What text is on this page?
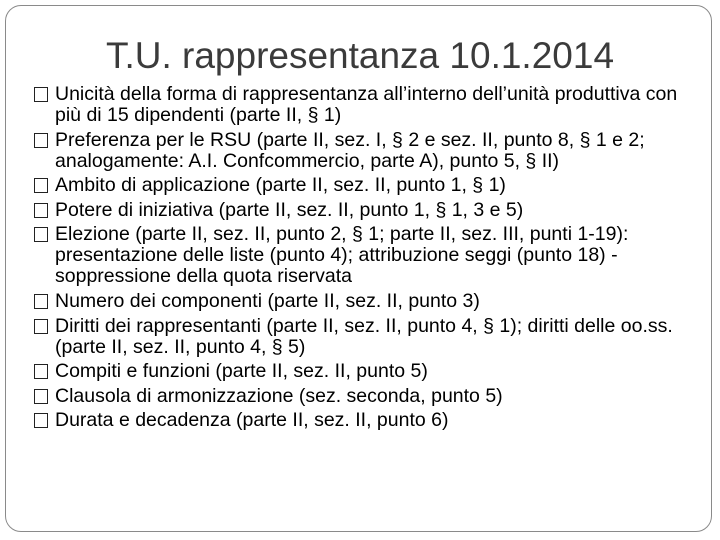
T.U. rappresentanza 10.1.2014
Unicità della forma di rappresentanza all’interno dell’unità produttiva con più di 15 dipendenti (parte II, § 1)
Preferenza per le RSU (parte II, sez. I, § 2 e sez. II, punto 8, § 1 e 2; analogamente: A.I. Confcommercio, parte A), punto 5, § II)
Ambito di applicazione (parte II, sez. II, punto 1, § 1)
Potere di iniziativa (parte II, sez. II, punto 1, § 1, 3 e 5)
Elezione (parte II, sez. II, punto 2, § 1; parte II, sez. III, punti 1-19): presentazione delle liste (punto 4); attribuzione seggi (punto 18) - soppressione della quota riservata
Numero dei componenti (parte II, sez. II, punto 3)
Diritti dei rappresentanti (parte II, sez. II, punto 4, § 1); diritti delle oo.ss. (parte II, sez. II, punto 4, § 5)
Compiti e funzioni (parte II, sez. II, punto 5)
Clausola di armonizzazione (sez. seconda, punto 5)
Durata e decadenza (parte II, sez. II, punto 6)
